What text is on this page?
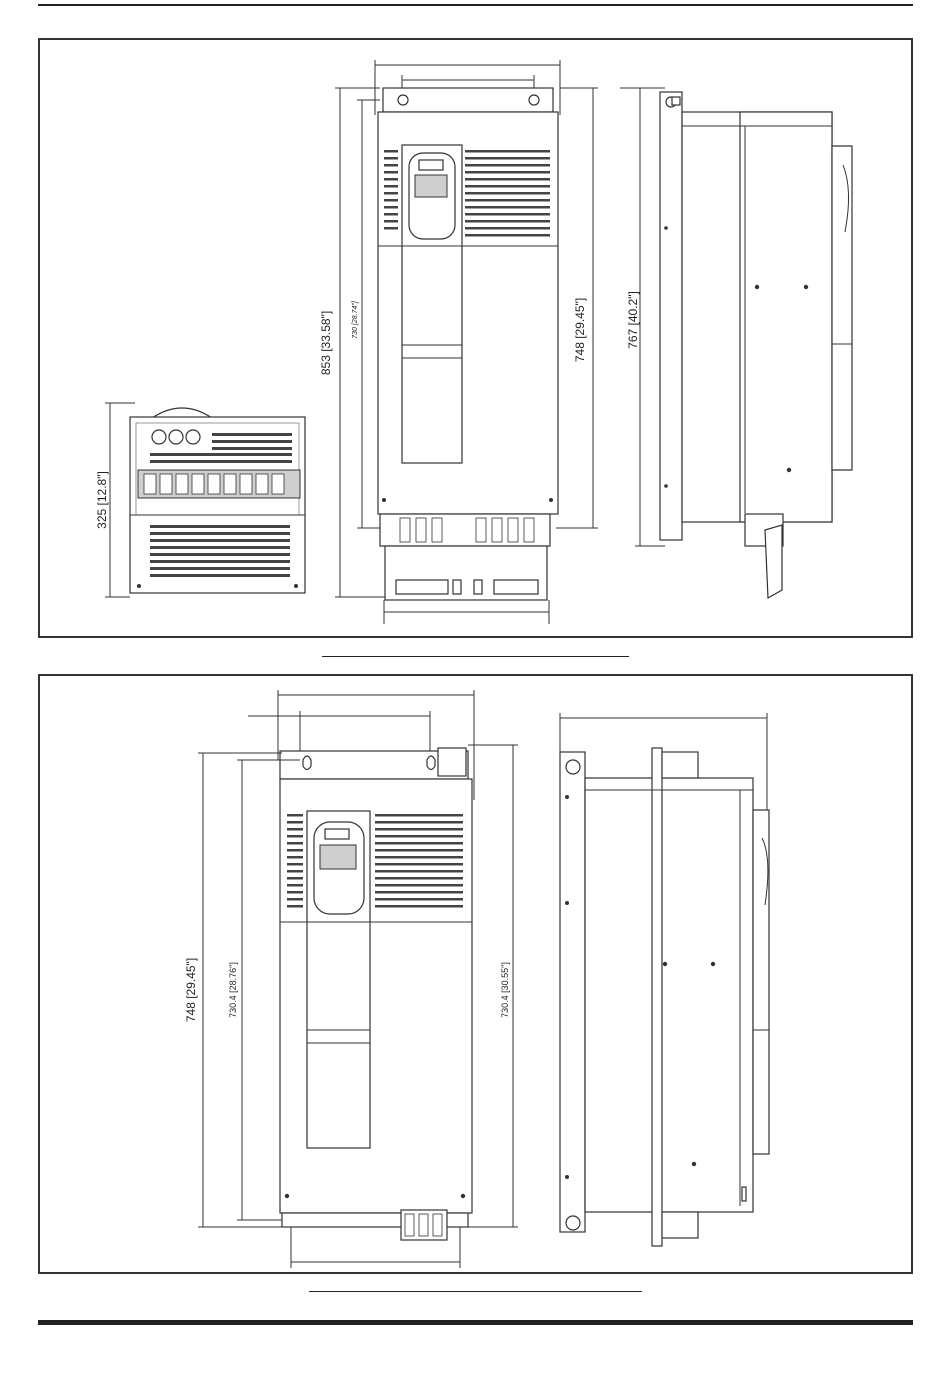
325 [12.8"]
853 [33.58"]	730 [28.74"]	748 [29.45"]	767 [40.2"]
748 [29.45"]	730.4 [28.76"]	730.4 [30.55"]
